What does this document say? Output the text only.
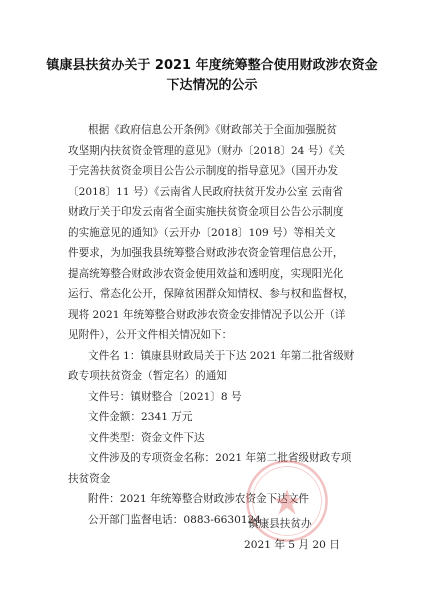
镇康县扶贫办关于 2021 年度统筹整合使用财政涉农资金
下达情况的公示

根据《政府信息公开条例》《财政部关于全面加强脱贫

攻坚期内扶贫资金管理的意见》（财办〔2018〕24 号）《关

于完善扶贫资金项目公告公示制度的指导意见》（国开办发

〔2018〕11 号）《云南省人民政府扶贫开发办公室 云南省

财政厅关于印发云南省全面实施扶贫资金项目公告公示制度

的实施意见的通知》（云开办〔2018〕109 号）等相关文

件要求，为加强我县统筹整合财政涉农资金管理信息公开，

提高统筹整合财政涉农资金使用效益和透明度，实现阳光化

运行、常态化公开，保障贫困群众知情权、参与权和监督权，

现将 2021 年统筹整合财政涉农资金安排情况予以公开（详

见附件），公开文件相关情况如下：

文件名 1：镇康县财政局关于下达 2021 年第二批省级财

政专项扶贫资金（暂定名）的通知

文件号：镇财整合〔2021〕8 号

文件金额：2341 万元

文件类型：资金文件下达

文件涉及的专项资金名称：2021 年第二批省级财政专项

扶贫资金

附件：2021 年统筹整合财政涉农资金下达文件

公开部门监督电话：0883-6630124

镇康县扶贫办
2021 年 5 月 20 日
